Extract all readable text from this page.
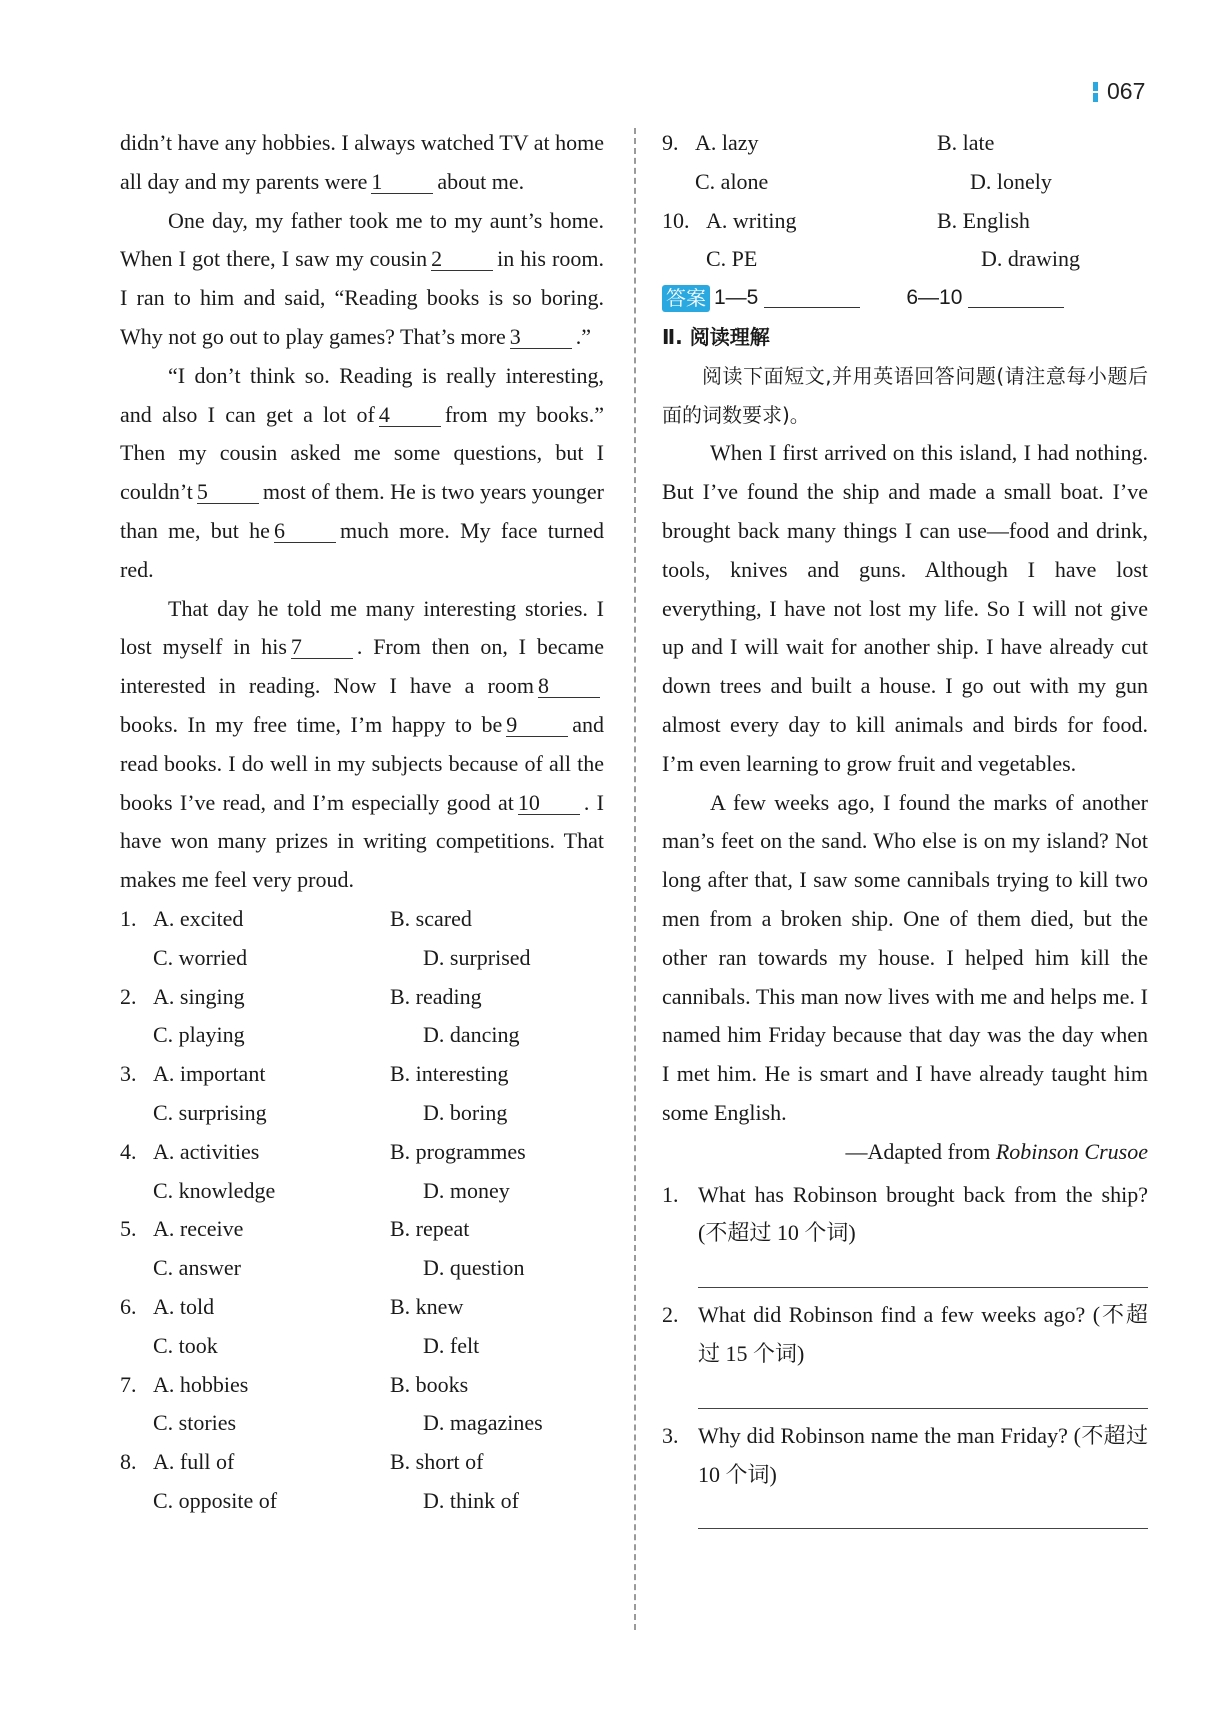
067

didn’t have any hobbies. I always watched TV at home all day and my parents were 1	about me.

One day, my father took me to my aunt’s home. When I got there, I saw my cousin 2	in his room. I ran to him and said, “Reading books is so boring. Why not go out to play games? That’s more 3	.”

“I don’t think so. Reading is really interesting, and also I can get a lot of 4	from my books.” Then my cousin asked me some questions, but I couldn’t 5	most of them. He is two years younger than me, but he 6	much more. My face turned red.

That day he told me many interesting stories. I lost myself in his 7	. From then on, I became interested in reading. Now I have a room 8books. In my free time, I’m happy to be 9	and read books. I do well in my subjects because of all the books I’ve read, and I’m especially good at 10 . I have won many prizes in writing competitions. That makes me feel very proud.

1. A. excited	B. scared
C. worried	D. surprised
2. A. singing	B. reading
C. playing	D. dancing
3. A. important	B. interesting
C. surprising	D. boring
4. A. activities	B. programmes
C. knowledge	D. money
5. A. receive	B. repeat
C. answer	D. question
6. A. told	B. knew
C. took	D. felt
7. A. hobbies	B. books
C. stories	D. magazines
8. A. full of	B. short of
C. opposite of	D. think of
9. A. lazy	B. late
C. alone	D. lonely
10. A. writing	B. English
C. PE	D. drawing
答案 1—5	6—10
Ⅱ. 阅读理解

阅读下面短文,并用英语回答问题(请注意每小题后面的词数要求)。

When I first arrived on this island, I had nothing. But I’ve found the ship and made a small boat. I’ve brought back many things I can use—food and drink, tools, knives and guns. Although I have lost everything, I have not lost my life. So I will not give up and I will wait for another ship. I have already cut down trees and built a house. I go out with my gun almost every day to kill animals and birds for food. I’m even learning to grow fruit and vegetables.

A few weeks ago, I found the marks of another man’s feet on the sand. Who else is on my island? Not long after that, I saw some cannibals trying to kill two men from a broken ship. One of them died, but the other ran towards my house. I helped him kill the cannibals. This man now lives with me and helps me. I named him Friday because that day was the day when I met him. He is smart and I have already taught him some English.

—Adapted from Robinson Crusoe

1. What has Robinson brought back from the ship? (不超过 10 个词)

2. What did Robinson find a few weeks ago? (不超过 15 个词)

3. Why did Robinson name the man Friday? (不超过 10 个词)
